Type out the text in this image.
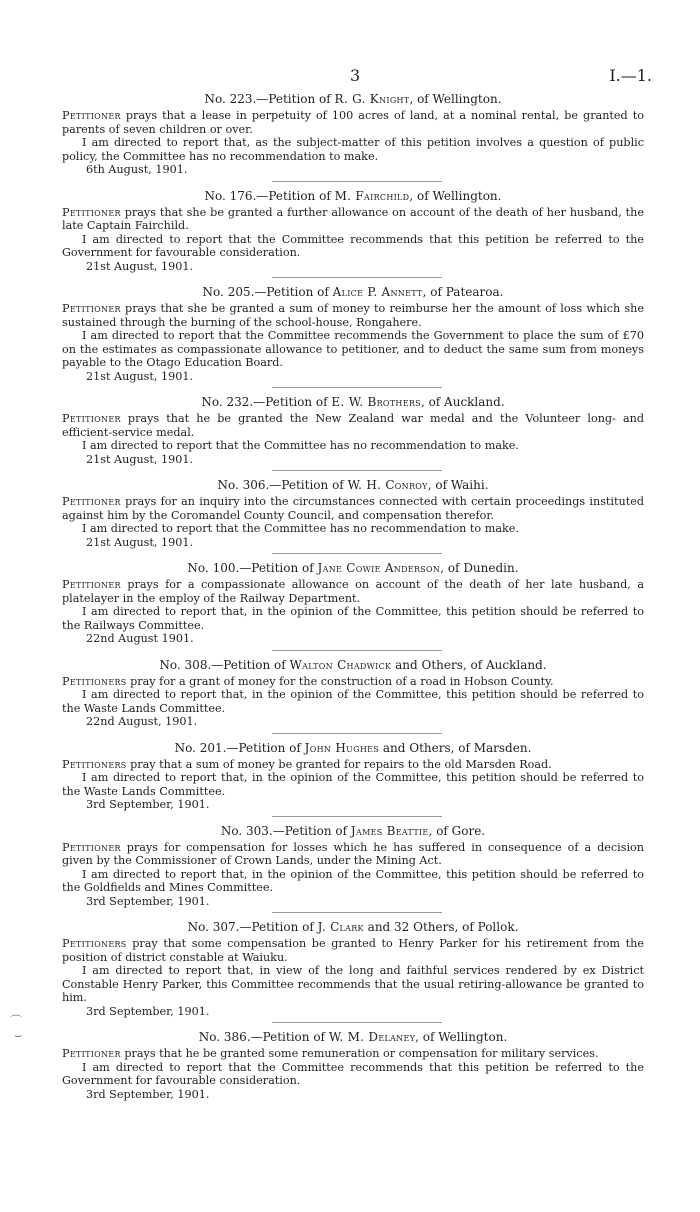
3	I.—1.
No. 223.—Petition of R. G. Knight, of Wellington.

Petitioner prays that a lease in perpetuity of 100 acres of land, at a nominal rental, be granted to parents of seven children or over.

I am directed to report that, as the subject-matter of this petition involves a question of public policy, the Committee has no recommendation to make.

6th August, 1901.

No. 176.—Petition of M. Fairchild, of Wellington.

Petitioner prays that she be granted a further allowance on account of the death of her husband, the late Captain Fairchild.

I am directed to report that the Committee recommends that this petition be referred to the Government for favourable consideration.

21st August, 1901.

No. 205.—Petition of Alice P. Annett, of Patearoa.

Petitioner prays that she be granted a sum of money to reimburse her the amount of loss which she sustained through the burning of the school-house, Rongahere.

I am directed to report that the Committee recommends the Government to place the sum of £70 on the estimates as compassionate allowance to petitioner, and to deduct the same sum from moneys payable to the Otago Education Board.

21st August, 1901.

No. 232.—Petition of E. W. Brothers, of Auckland.

Petitioner prays that he be granted the New Zealand war medal and the Volunteer long- and efficient-service medal.

I am directed to report that the Committee has no recommendation to make.

21st August, 1901.

No. 306.—Petition of W. H. Conroy, of Waihi.

Petitioner prays for an inquiry into the circumstances connected with certain proceedings instituted against him by the Coromandel County Council, and compensation therefor.

I am directed to report that the Committee has no recommendation to make.

21st August, 1901.

No. 100.—Petition of Jane Cowie Anderson, of Dunedin.

Petitioner prays for a compassionate allowance on account of the death of her late husband, a platelayer in the employ of the Railway Department.

I am directed to report that, in the opinion of the Committee, this petition should be referred to the Railways Committee.

22nd August 1901.

No. 308.—Petition of Walton Chadwick and Others, of Auckland.

Petitioners pray for a grant of money for the construction of a road in Hobson County.

I am directed to report that, in the opinion of the Committee, this petition should be referred to the Waste Lands Committee.

22nd August, 1901.

No. 201.—Petition of John Hughes and Others, of Marsden.

Petitioners pray that a sum of money be granted for repairs to the old Marsden Road.

I am directed to report that, in the opinion of the Committee, this petition should be referred to the Waste Lands Committee.

3rd September, 1901.

No. 303.—Petition of James Beattie, of Gore.

Petitioner prays for compensation for losses which he has suffered in consequence of a decision given by the Commissioner of Crown Lands, under the Mining Act.

I am directed to report that, in the opinion of the Committee, this petition should be referred to the Goldfields and Mines Committee.

3rd September, 1901.

No. 307.—Petition of J. Clark and 32 Others, of Pollok.

Petitioners pray that some compensation be granted to Henry Parker for his retirement from the position of district constable at Waiuku.

I am directed to report that, in view of the long and faithful services rendered by ex District Constable Henry Parker, this Committee recommends that the usual retiring-allowance be granted to him.

3rd September, 1901.

No. 386.—Petition of W. M. Delaney, of Wellington.

Petitioner prays that he be granted some remuneration or compensation for military services.

I am directed to report that the Committee recommends that this petition be referred to the Government for favourable consideration.

3rd September, 1901.

⌒
⌣
